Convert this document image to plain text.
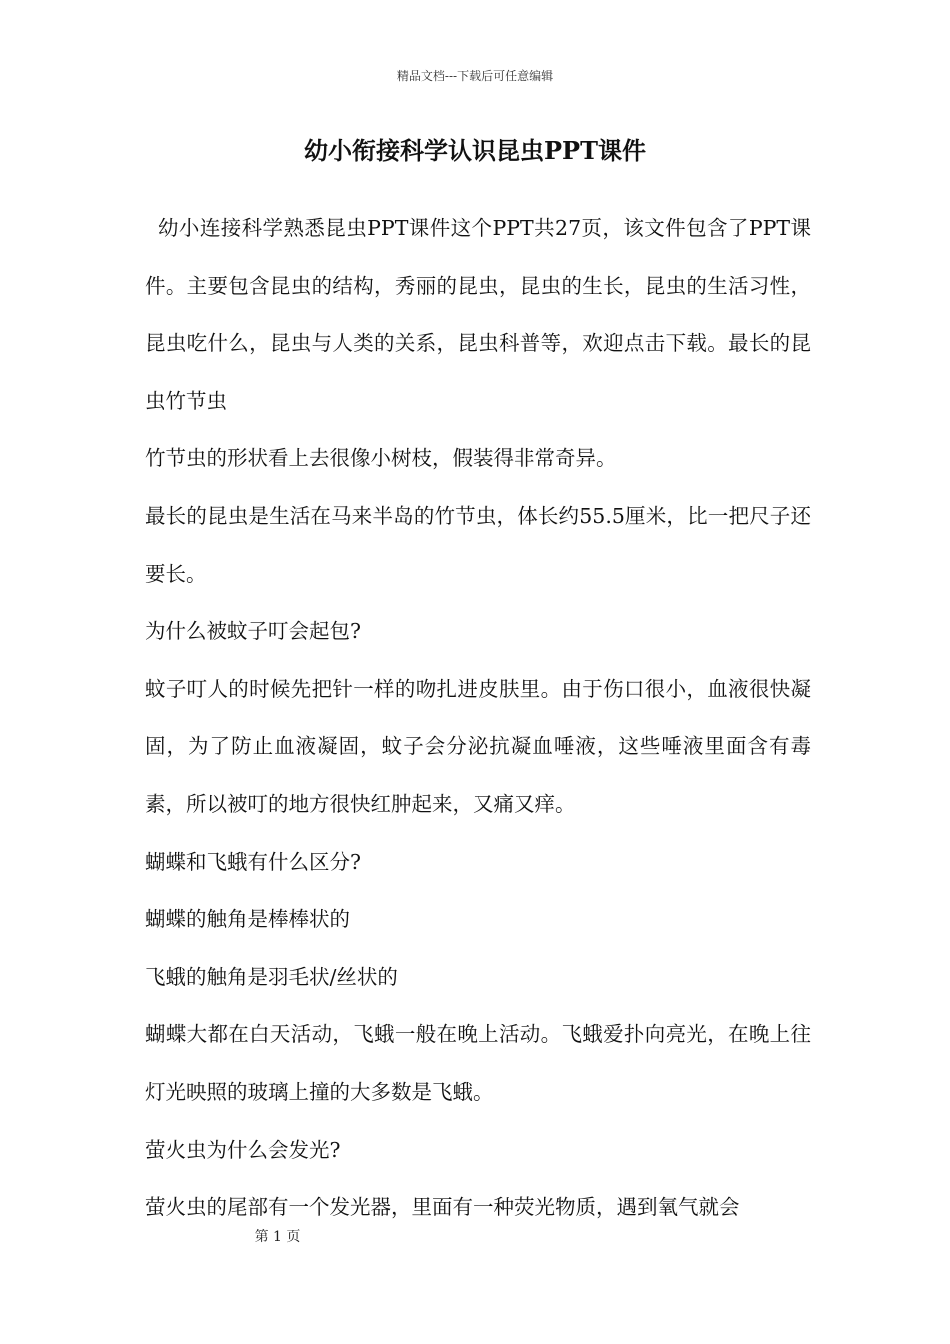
精品文档---下载后可任意编辑
幼小衔接科学认识昆虫PPT课件

幼小连接科学熟悉昆虫PPT课件这个PPT共27页，该文件包含了PPT课件。主要包含昆虫的结构，秀丽的昆虫，昆虫的生长，昆虫的生活习性，昆虫吃什么，昆虫与人类的关系，昆虫科普等，欢迎点击下载。最长的昆虫竹节虫

竹节虫的形状看上去很像小树枝，假装得非常奇异。

最长的昆虫是生活在马来半岛的竹节虫，体长约55.5厘米，比一把尺子还要长。

为什么被蚊子叮会起包?

蚊子叮人的时候先把针一样的吻扎进皮肤里。由于伤口很小，血液很快凝固，为了防止血液凝固，蚊子会分泌抗凝血唾液，这些唾液里面含有毒素，所以被叮的地方很快红肿起来，又痛又痒。

蝴蝶和飞蛾有什么区分?

蝴蝶的触角是棒棒状的

飞蛾的触角是羽毛状/丝状的

蝴蝶大都在白天活动，飞蛾一般在晚上活动。飞蛾爱扑向亮光，在晚上往灯光映照的玻璃上撞的大多数是飞蛾。

萤火虫为什么会发光?

萤火虫的尾部有一个发光器，里面有一种荧光物质，遇到氧气就会

第 1 页
